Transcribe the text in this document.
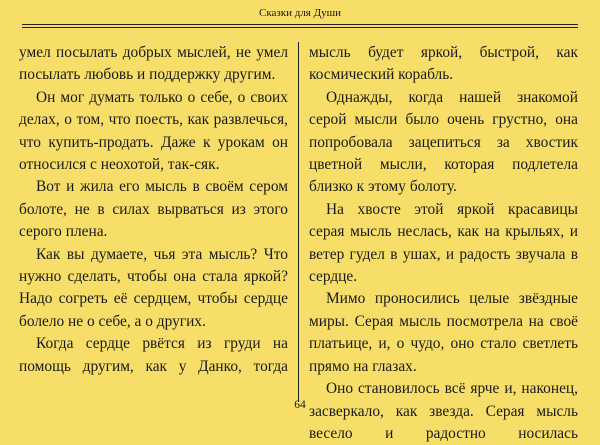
Сказки для Души

умел посылать добрых мыслей, не умел посылать любовь и поддержку другим.

Он мог думать только о себе, о своих делах, о том, что поесть, как развлечься, что купить-продать. Даже к урокам он относился с неохотой, так-сяк.

Вот и жила его мысль в своём сером болоте, не в силах вырваться из этого серого плена.

Как вы думаете, чья эта мысль? Что нужно сделать, чтобы она стала яркой? Надо согреть её сердцем, чтобы сердце болело не о себе, а о других.

Когда сердце рвётся из груди на помощь другим, как у Данко, тогда

мысль будет яркой, быстрой, как космический корабль.

Однажды, когда нашей знакомой серой мысли было очень грустно, она попробовала зацепиться за хвостик цветной мысли, которая подлетела близко к этому болоту.

На хвосте этой яркой красавицы серая мысль неслась, как на крыльях, и ветер гудел в ушах, и радость звучала в сердце.

Мимо проносились целые звёздные миры. Серая мысль посмотрела на своё платьице, и, о чудо, оно стало светлеть прямо на глазах.

Оно становилось всё ярче и, наконец, засверкало, как звезда. Серая мысль весело и радостно носилась

64
